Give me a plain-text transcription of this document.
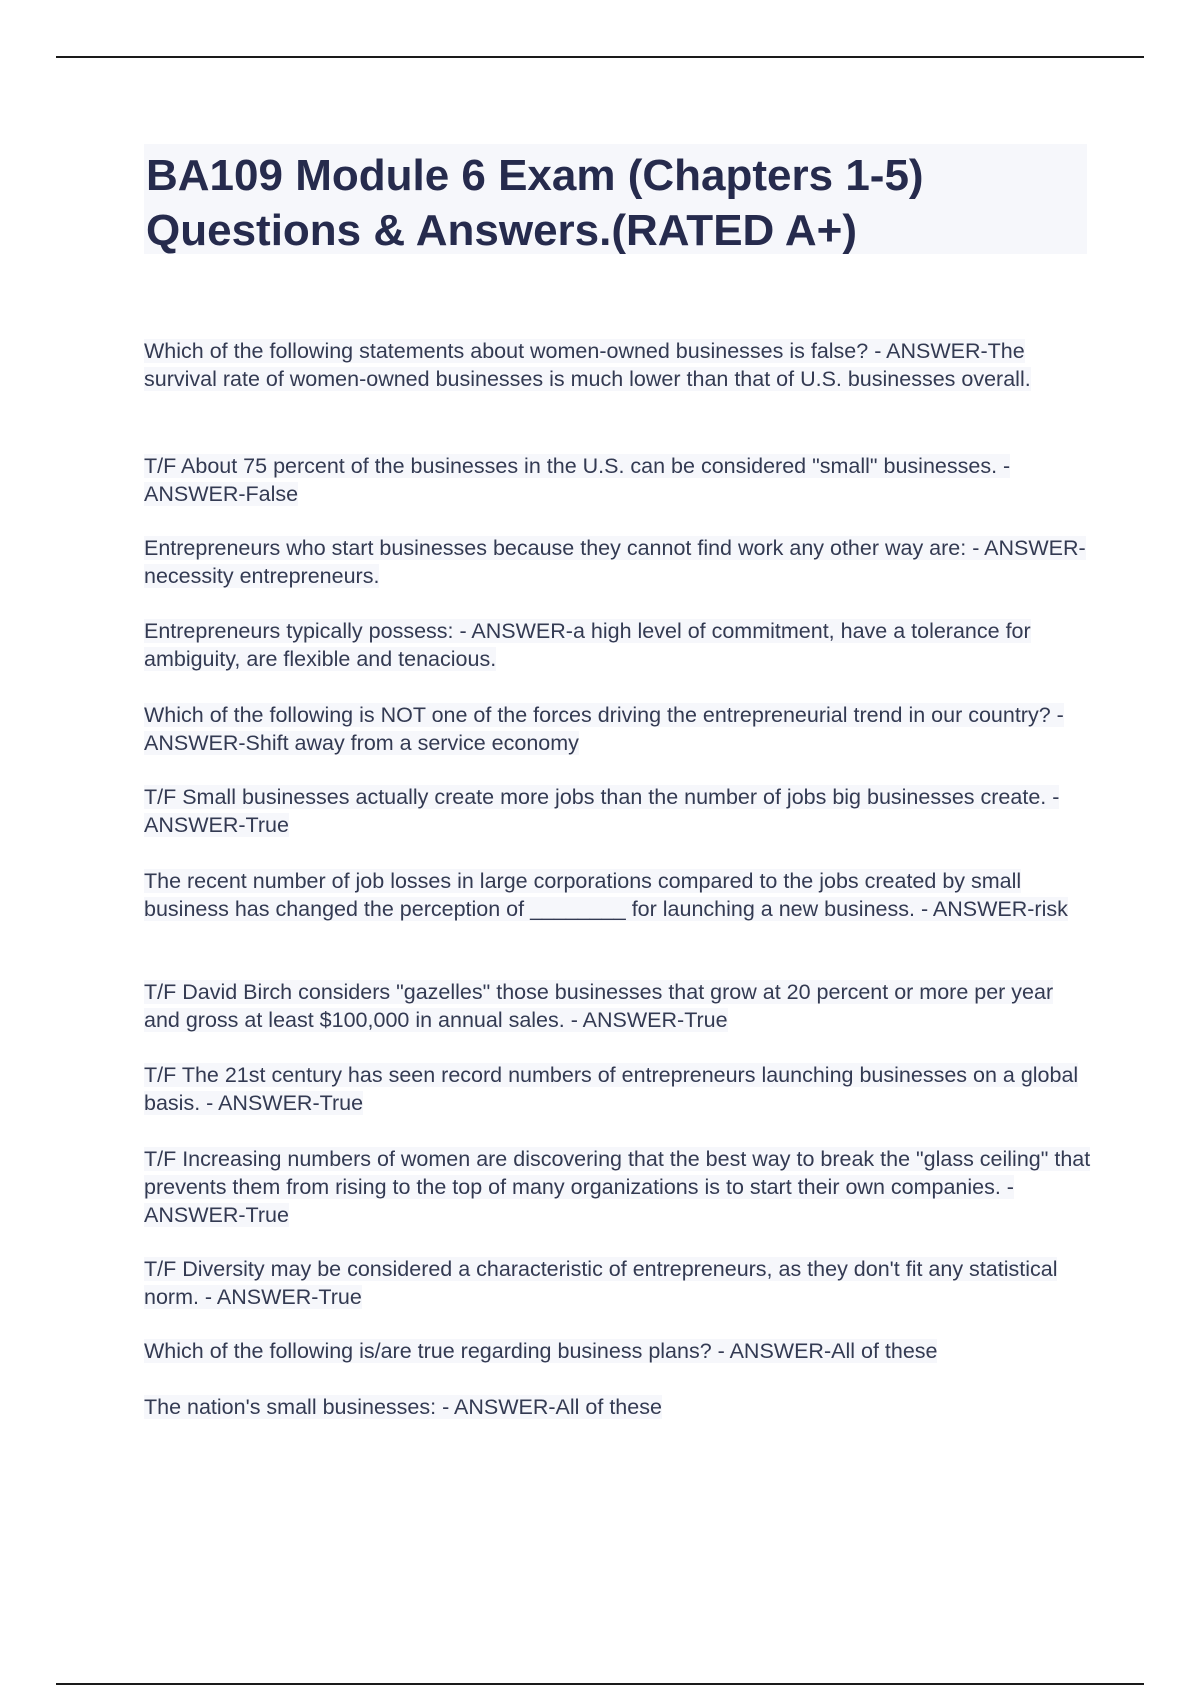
BA109 Module 6 Exam (Chapters 1-5)
Questions & Answers.(RATED A+)
Which of the following statements about women-owned businesses is false? - ANSWER-The survival rate of women-owned businesses is much lower than that of U.S. businesses overall.
T/F About 75 percent of the businesses in the U.S. can be considered "small" businesses. - ANSWER-False
Entrepreneurs who start businesses because they cannot find work any other way are: - ANSWER-necessity entrepreneurs.
Entrepreneurs typically possess: - ANSWER-a high level of commitment, have a tolerance for ambiguity, are flexible and tenacious.
Which of the following is NOT one of the forces driving the entrepreneurial trend in our country? - ANSWER-Shift away from a service economy
T/F Small businesses actually create more jobs than the number of jobs big businesses create. - ANSWER-True
The recent number of job losses in large corporations compared to the jobs created by small business has changed the perception of ________ for launching a new business. - ANSWER-risk
T/F David Birch considers "gazelles" those businesses that grow at 20 percent or more per year and gross at least $100,000 in annual sales. - ANSWER-True
T/F The 21st century has seen record numbers of entrepreneurs launching businesses on a global basis. - ANSWER-True
T/F Increasing numbers of women are discovering that the best way to break the "glass ceiling" that prevents them from rising to the top of many organizations is to start their own companies. - ANSWER-True
T/F Diversity may be considered a characteristic of entrepreneurs, as they don't fit any statistical norm. - ANSWER-True
Which of the following is/are true regarding business plans? - ANSWER-All of these
The nation's small businesses: - ANSWER-All of these
